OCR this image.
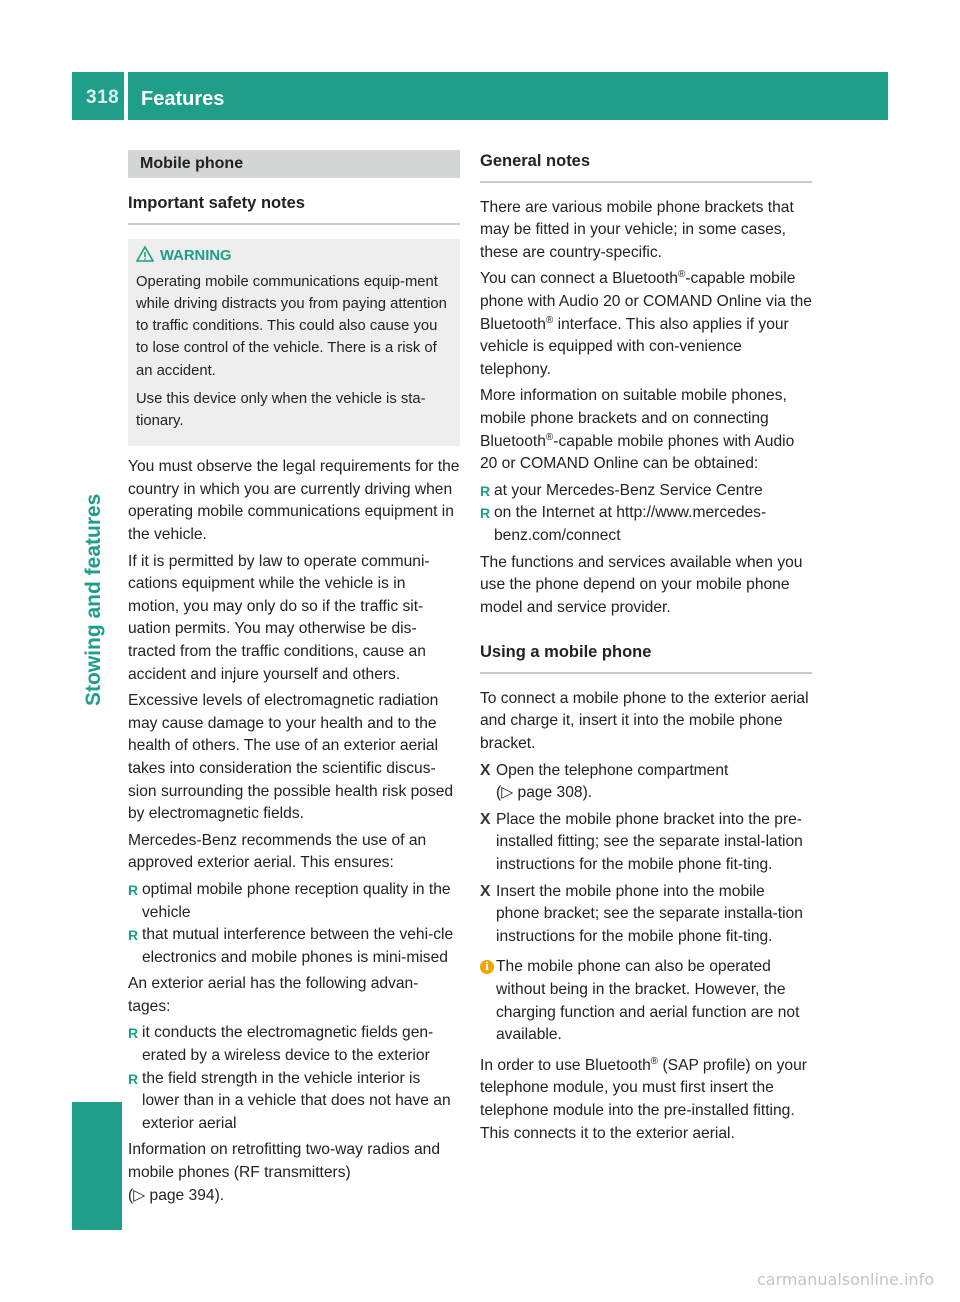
318 Features
Stowing and features
Mobile phone
Important safety notes
WARNING

Operating mobile communications equip-ment while driving distracts you from paying attention to traffic conditions. This could also cause you to lose control of the vehicle. There is a risk of an accident.

Use this device only when the vehicle is sta-tionary.

You must observe the legal requirements for the country in which you are currently driving when operating mobile communications equipment in the vehicle.

If it is permitted by law to operate communi-cations equipment while the vehicle is in motion, you may only do so if the traffic sit-uation permits. You may otherwise be dis-tracted from the traffic conditions, cause an accident and injure yourself and others.

Excessive levels of electromagnetic radiation may cause damage to your health and to the health of others. The use of an exterior aerial takes into consideration the scientific discus-sion surrounding the possible health risk posed by electromagnetic fields.

Mercedes-Benz recommends the use of an approved exterior aerial. This ensures:

R optimal mobile phone reception quality in the vehicle
R that mutual interference between the vehi-cle electronics and mobile phones is mini-mised

An exterior aerial has the following advan-tages:

R it conducts the electromagnetic fields gen-erated by a wireless device to the exterior
R the field strength in the vehicle interior is lower than in a vehicle that does not have an exterior aerial

Information on retrofitting two-way radios and mobile phones (RF transmitters)
(▷ page 394).

General notes

There are various mobile phone brackets that may be fitted in your vehicle; in some cases, these are country-specific.

You can connect a Bluetooth®-capable mobile phone with Audio 20 or COMAND Online via the Bluetooth® interface. This also applies if your vehicle is equipped with con-venience telephony.

More information on suitable mobile phones, mobile phone brackets and on connecting Bluetooth®-capable mobile phones with Audio 20 or COMAND Online can be obtained:

R at your Mercedes-Benz Service Centre
R on the Internet at http://www.mercedes-benz.com/connect

The functions and services available when you use the phone depend on your mobile phone model and service provider.

Using a mobile phone

To connect a mobile phone to the exterior aerial and charge it, insert it into the mobile phone bracket.

X Open the telephone compartment
(▷ page 308).
X Place the mobile phone bracket into the pre-installed fitting; see the separate instal-lation instructions for the mobile phone fit-ting.
X Insert the mobile phone into the mobile phone bracket; see the separate installa-tion instructions for the mobile phone fit-ting.
i The mobile phone can also be operated without being in the bracket. However, the charging function and aerial function are not available.

In order to use Bluetooth® (SAP profile) on your telephone module, you must first insert the telephone module into the pre-installed fitting. This connects it to the exterior aerial.

carmanualsonline.info
